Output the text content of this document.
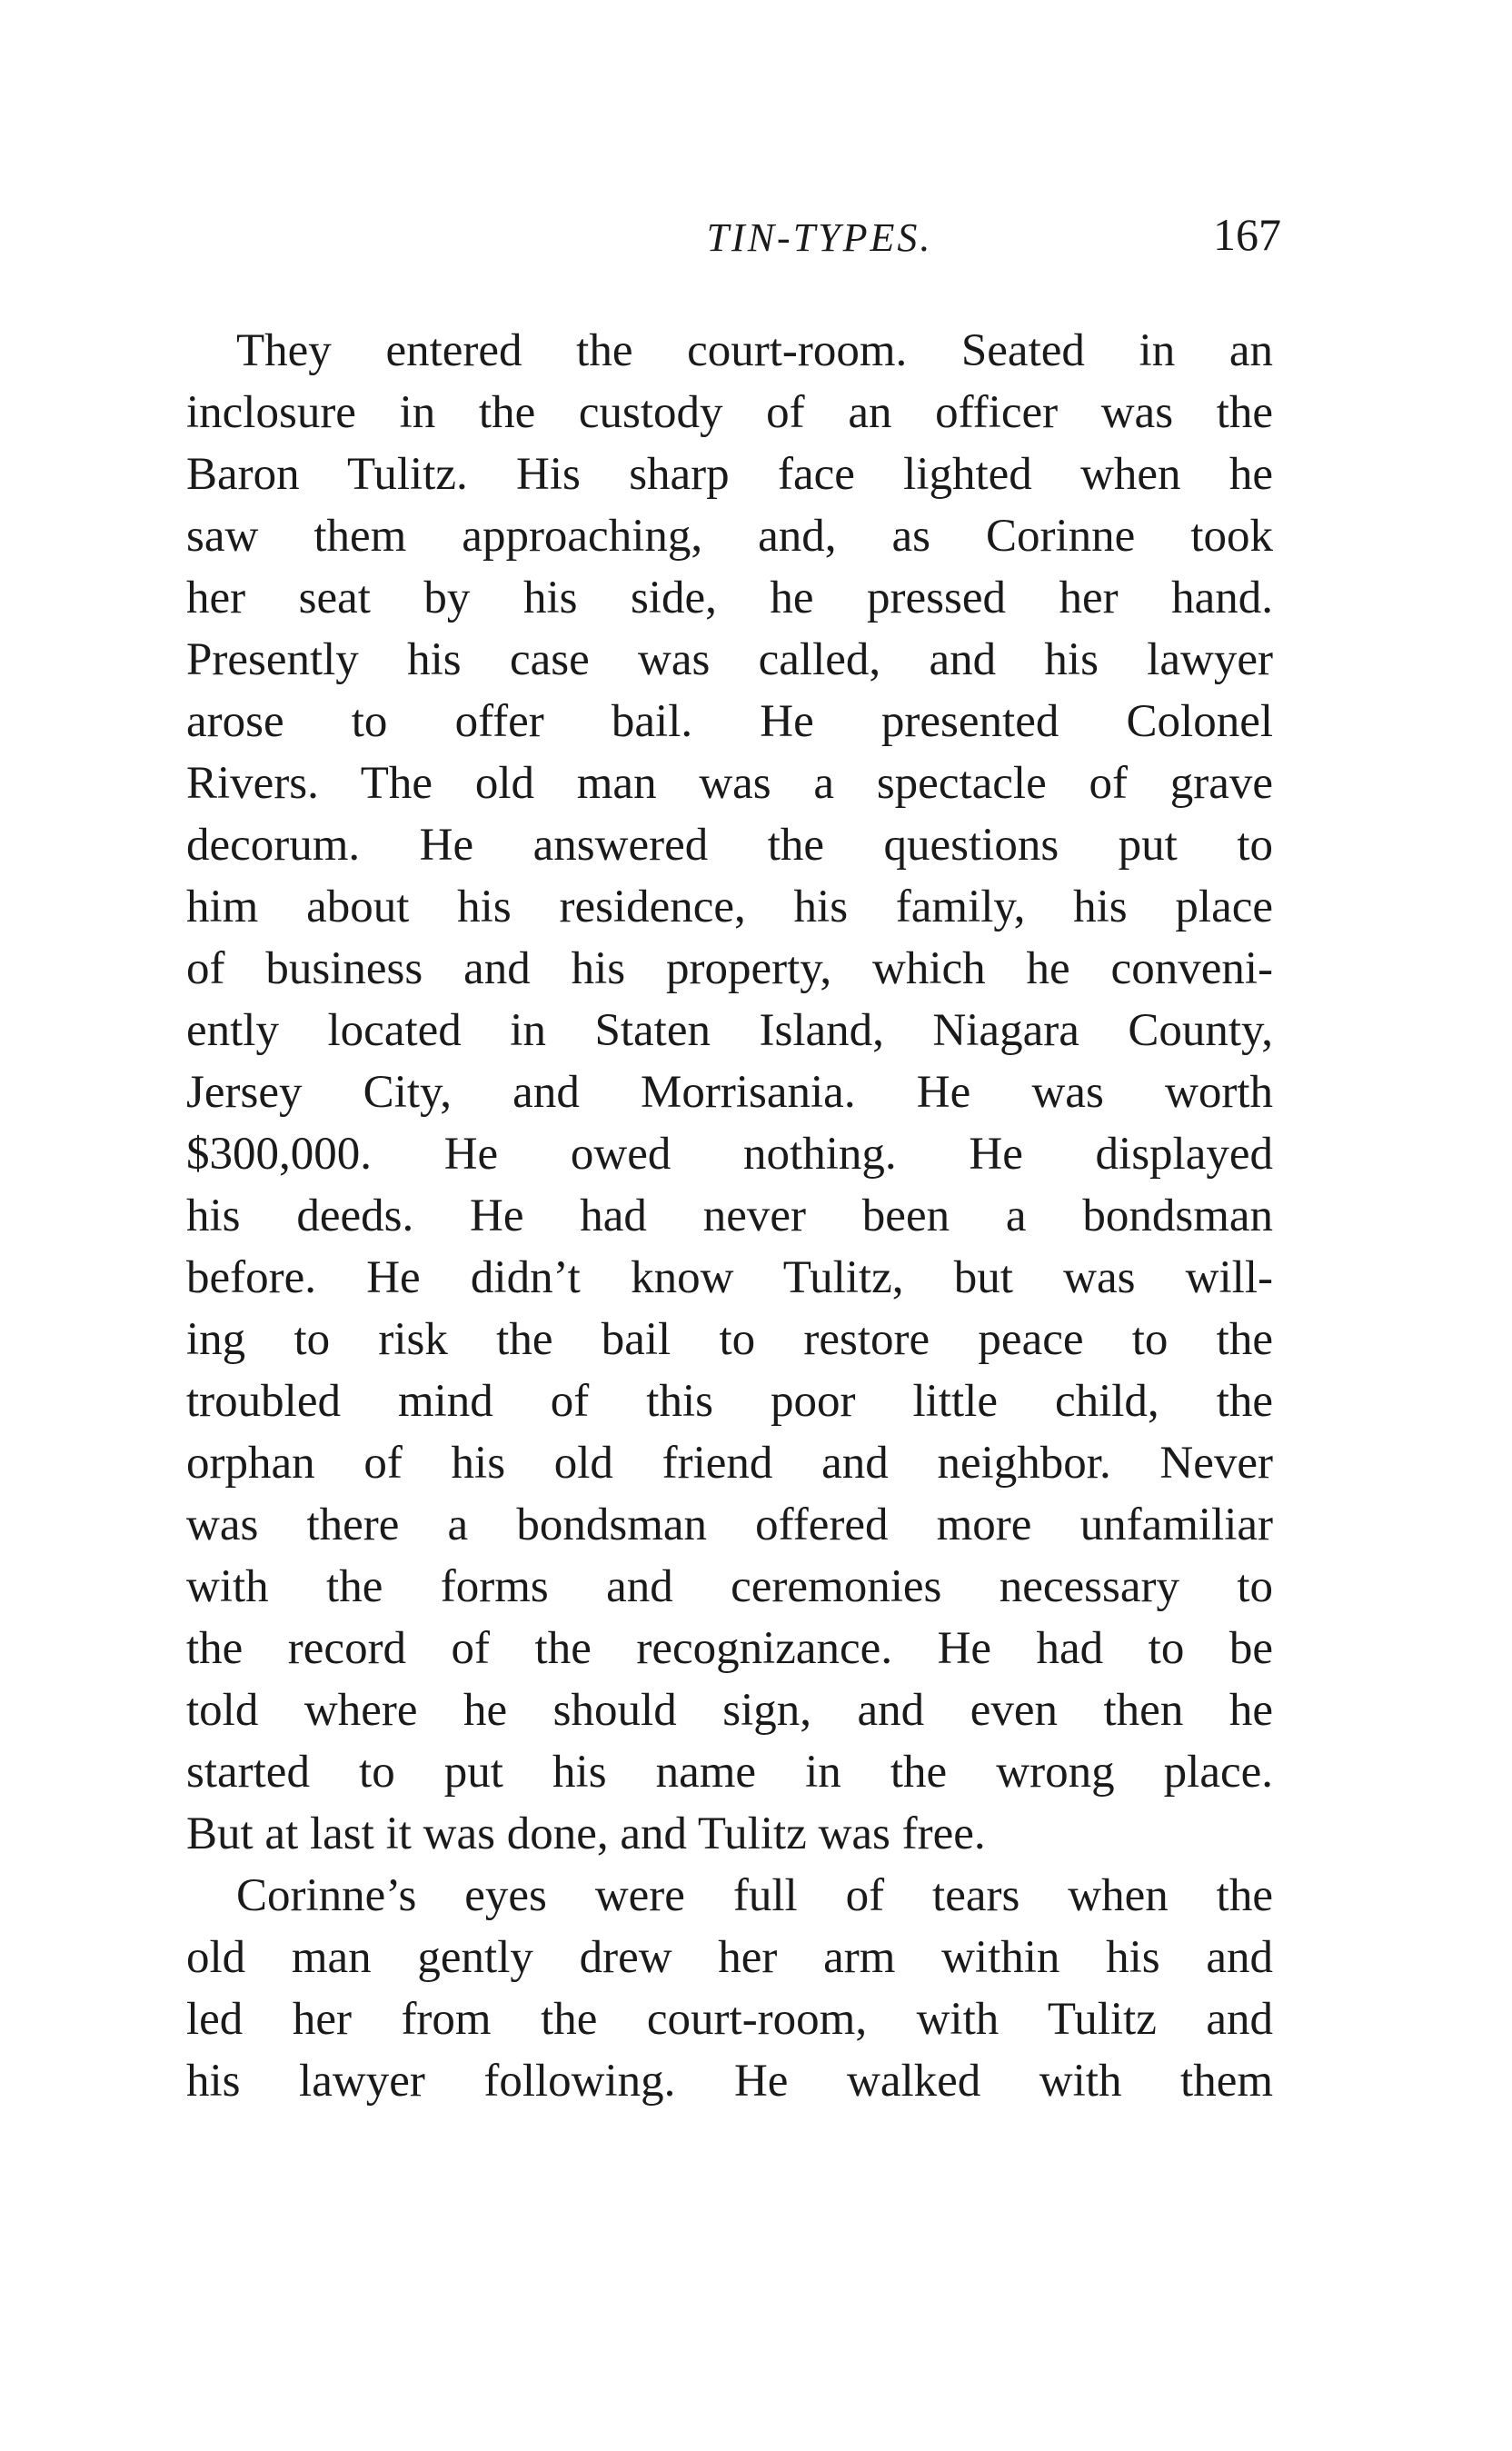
TIN-TYPES.	167
They entered the court-room. Seated in an
inclosure in the custody of an officer was the
Baron Tulitz. His sharp face lighted when he
saw them approaching, and, as Corinne took
her seat by his side, he pressed her hand.
Presently his case was called, and his lawyer
arose to offer bail. He presented Colonel
Rivers. The old man was a spectacle of grave
decorum. He answered the questions put to
him about his residence, his family, his place
of business and his property, which he conveni-
ently located in Staten Island, Niagara County,
Jersey City, and Morrisania. He was worth
$300,000. He owed nothing. He displayed
his deeds. He had never been a bondsman
before. He didn’t know Tulitz, but was will-
ing to risk the bail to restore peace to the
troubled mind of this poor little child, the
orphan of his old friend and neighbor. Never
was there a bondsman offered more unfamiliar
with the forms and ceremonies necessary to
the record of the recognizance. He had to be
told where he should sign, and even then he
started to put his name in the wrong place.
But at last it was done, and Tulitz was free.
Corinne’s eyes were full of tears when the
old man gently drew her arm within his and
led her from the court-room, with Tulitz and
his lawyer following. He walked with them
